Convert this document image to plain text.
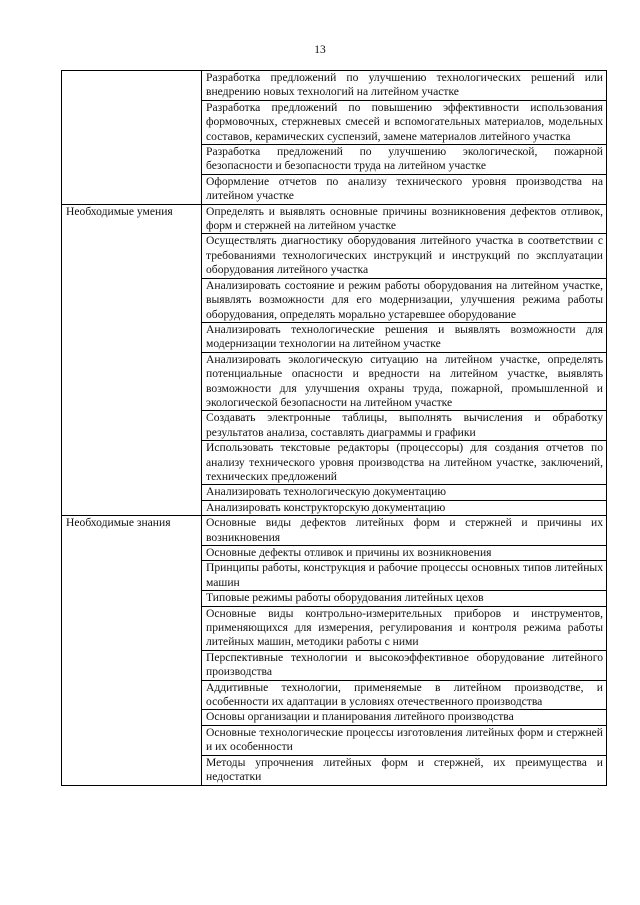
13
	Разработка предложений по улучшению технологических решений или внедрению новых технологий на литейном участке
	Разработка предложений по повышению эффективности использования формовочных, стержневых смесей и вспомогательных материалов, модельных составов, керамических суспензий, замене материалов литейного участка
	Разработка предложений по улучшению экологической, пожарной безопасности и безопасности труда на литейном участке
	Оформление отчетов по анализу технического уровня производства на литейном участке
Необходимые умения	Определять и выявлять основные причины возникновения дефектов отливок, форм и стержней на литейном участке
	Осуществлять диагностику оборудования литейного участка в соответствии с требованиями технологических инструкций и инструкций по эксплуатации оборудования литейного участка
	Анализировать состояние и режим работы оборудования на литейном участке, выявлять возможности для его модернизации, улучшения режима работы оборудования, определять морально устаревшее оборудование
	Анализировать технологические решения и выявлять возможности для модернизации технологии на литейном участке
	Анализировать экологическую ситуацию на литейном участке, определять потенциальные опасности и вредности на литейном участке, выявлять возможности для улучшения охраны труда, пожарной, промышленной и экологической безопасности на литейном участке
	Создавать электронные таблицы, выполнять вычисления и обработку результатов анализа, составлять диаграммы и графики
	Использовать текстовые редакторы (процессоры) для создания отчетов по анализу технического уровня производства на литейном участке, заключений, технических предложений
	Анализировать технологическую документацию
	Анализировать конструкторскую документацию
Необходимые знания	Основные виды дефектов литейных форм и стержней и причины их возникновения
	Основные дефекты отливок и причины их возникновения
	Принципы работы, конструкция и рабочие процессы основных типов литейных машин
	Типовые режимы работы оборудования литейных цехов
	Основные виды контрольно-измерительных приборов и инструментов, применяющихся для измерения, регулирования и контроля режима работы литейных машин, методики работы с ними
	Перспективные технологии и высокоэффективное оборудование литейного производства
	Аддитивные технологии, применяемые в литейном производстве, и особенности их адаптации в условиях отечественного производства
	Основы организации и планирования литейного производства
	Основные технологические процессы изготовления литейных форм и стержней и их особенности
	Методы упрочнения литейных форм и стержней, их преимущества и недостатки
